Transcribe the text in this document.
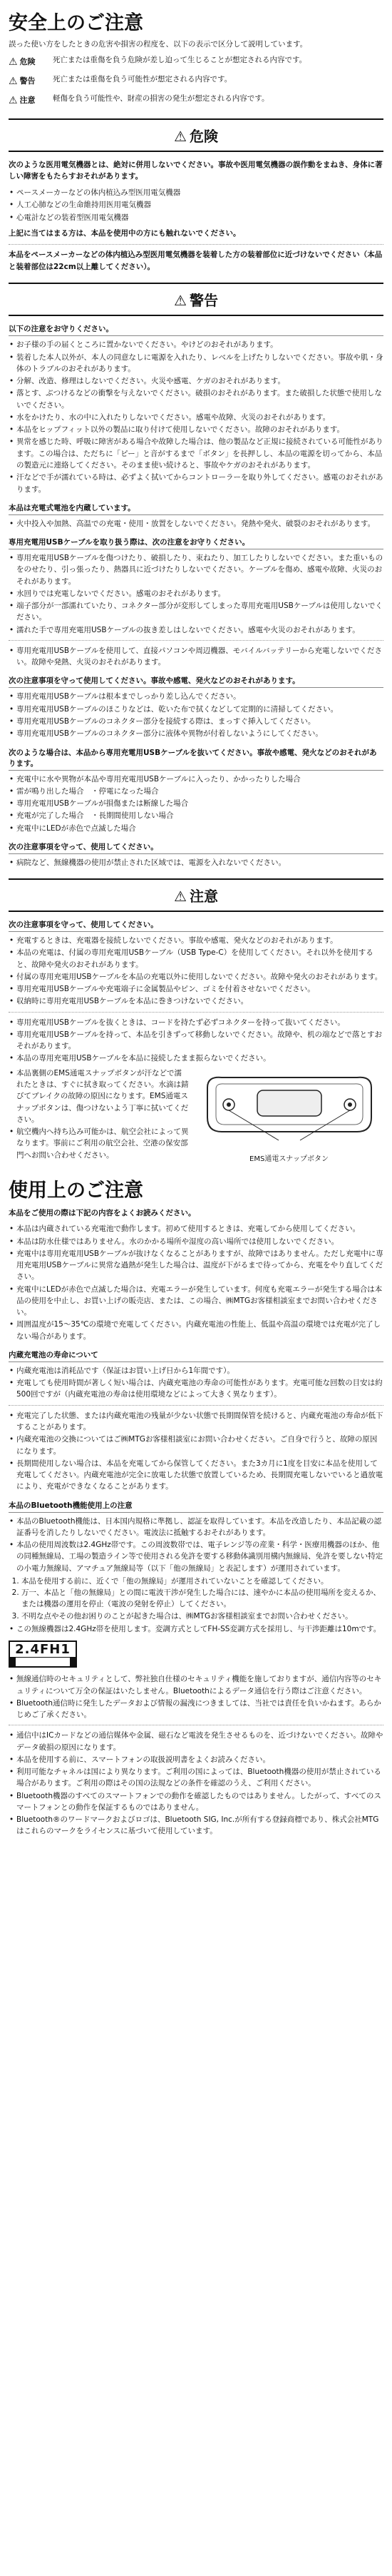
安全上のご注意

誤った使い方をしたときの危害や損害の程度を、以下の表示で区分して説明しています。

⚠ 危険 死亡または重傷を負う危険が差し迫って生じることが想定される内容です。
⚠ 警告 死亡または重傷を負う可能性が想定される内容です。
⚠ 注意 軽傷を負う可能性や、財産の損害の発生が想定される内容です。
⚠ 危険

次のような医用電気機器とは、絶対に併用しないでください。事故や医用電気機器の誤作動をまねき、身体に著しい障害をもたらすおそれがあります。

• ペースメーカーなどの体内植込み型医用電気機器
• 人工心肺などの生命維持用医用電気機器
• 心電計などの装着型医用電気機器

上記に当てはまる方は、本品を使用中の方にも触れないでください。

本品をペースメーカーなどの体内植込み型医用電気機器を装着した方の装着部位に近づけないでください（本品と装着部位は22cm以上離してください）。

⚠ 警告
以下の注意をお守りください。
• お子様の手の届くところに置かないでください。やけどのおそれがあります。
• 装着した本人以外が、本人の同意なしに電源を入れたり、レベルを上げたりしないでください。事故や肌・身体のトラブルのおそれがあります。
• 分解、改造、修理はしないでください。火災や感電、ケガのおそれがあります。
• 落とす、ぶつけるなどの衝撃を与えないでください。破損のおそれがあります。また破損した状態で使用しないでください。
• 水をかけたり、水の中に入れたりしないでください。感電や故障、火災のおそれがあります。
• 本品をヒップフィット以外の製品に取り付けて使用しないでください。故障のおそれがあります。
• 異常を感じた時、呼吸に障害がある場合や故障した場合は、他の製品など正規に接続されている可能性があります。この場合は、ただちに「ピー」と音がするまで「ボタン」を長押しし、本品の電源を切ってから、本品の製造元に連絡してください。そのまま使い続けると、事故やケガのおそれがあります。
• 汗などで手が濡れている時は、必ずよく拭いてからコントローラーを取り外してください。感電のおそれがあります。
本品は充電式電池を内蔵しています。
• 火中投入や加熱、高温での充電・使用・放置をしないでください。発熱や発火、破裂のおそれがあります。
専用充電用USBケーブルを取り扱う際は、次の注意をお守りください。
• 専用充電用USBケーブルを傷つけたり、破損したり、束ねたり、加工したりしないでください。また重いものをのせたり、引っ張ったり、熱器具に近づけたりしないでください。ケーブルを傷め、感電や故障、火災のおそれがあります。
• 水回りでは充電しないでください。感電のおそれがあります。
• 端子部分が一部濡れていたり、コネクター部分が変形してしまった専用充電用USBケーブルは使用しないでください。
• 濡れた手で専用充電用USBケーブルの抜き差しはしないでください。感電や火災のおそれがあります。
• 専用充電用USBケーブルを使用して、直接パソコンや周辺機器、モバイルバッテリーから充電しないでください。故障や発熱、火災のおそれがあります。
次の注意事項を守って使用してください。事故や感電、発火などのおそれがあります。
• 専用充電用USBケーブルは根本までしっかり差し込んでください。
• 専用充電用USBケーブルのほこりなどは、乾いた布で拭くなどして定期的に清掃してください。
• 専用充電用USBケーブルのコネクター部分を接続する際は、まっすぐ挿入してください。
• 専用充電用USBケーブルのコネクター部分に液体や異物が付着しないようにしてください。
次のような場合は、本品から専用充電用USBケーブルを抜いてください。事故や感電、発火などのおそれがあります。
• 充電中に水や異物が本品や専用充電用USBケーブルに入ったり、かかったりした場合
• 雷が鳴り出した場合　・停電になった場合
• 専用充電用USBケーブルが損傷または断線した場合
• 充電が完了した場合　・長期間使用しない場合
• 充電中にLEDが赤色で点滅した場合
次の注意事項を守って、使用してください。
• 病院など、無線機器の使用が禁止された区域では、電源を入れないでください。
⚠ 注意
次の注意事項を守って、使用してください。
• 充電するときは、充電器を接続しないでください。事故や感電、発火などのおそれがあります。
• 本品の充電は、付属の専用充電用USBケーブル（USB Type-C）を使用してください。それ以外を使用すると、故障や発火のおそれがあります。
• 付属の専用充電用USBケーブルを本品の充電以外に使用しないでください。故障や発火のおそれがあります。
• 専用充電用USBケーブルや充電端子に金属製品やピン、ゴミを付着させないでください。
• 収納時に専用充電用USBケーブルを本品に巻きつけないでください。
• 専用充電用USBケーブルを抜くときは、コードを持たず必ずコネクターを持って抜いてください。
• 専用充電用USBケーブルを持って、本品を引きずって移動しないでください。故障や、机の端などで落とすおそれがあります。
• 本品の専用充電用USBケーブルを本品に接続したまま振らないでください。
• 本品裏側のEMS通電スナップボタンが汗などで濡れたときは、すぐに拭き取ってください。水滴は錆びてブレイクの故障の原因になります。EMS通電スナップボタンは、傷つけないよう丁寧に拭いてください。
• 航空機内へ持ち込み可能かは、航空会社によって異なります。事前にご利用の航空会社、空港の保安部門へお問い合わせください。	EMS通電スナップボタン
使用上のご注意

本品をご使用の際は下記の内容をよくお読みください。

• 本品は内蔵されている充電池で動作します。初めて使用するときは、充電してから使用してください。
• 本品は防水仕様ではありません。水のかかる場所や湿度の高い場所では使用しないでください。
• 充電中は専用充電用USBケーブルが抜けなくなることがありますが、故障ではありません。ただし充電中に専用充電用USBケーブルに異常な過熱が発生した場合は、温度が下がるまで待ってから、充電をやり直してください。
• 充電中にLEDが赤色で点滅した場合は、充電エラーが発生しています。何度も充電エラーが発生する場合は本品の使用を中止し、お買い上げの販売店、または、この場合、㈱MTGお客様相談室までお問い合わせください。
• 周囲温度が15～35℃の環境で充電してください。内蔵充電池の性能上、低温や高温の環境では充電が完了しない場合があります。
内蔵充電池の寿命について
• 内蔵充電池は消耗品です（保証はお買い上げ日から1年間です）。
• 充電しても使用時間が著しく短い場合は、内蔵充電池の寿命の可能性があります。充電可能な回数の目安は約500回ですが（内蔵充電池の寿命は使用環境などによって大きく異なります）。
• 充電完了した状態、または内蔵充電池の残量が少ない状態で長期間保管を続けると、内蔵充電池の寿命が低下することがあります。
• 内蔵充電池の交換についてはご㈱MTGお客様相談室にお問い合わせください。ご自身で行うと、故障の原因になります。
• 長期間使用しない場合は、本品を充電してから保管してください。また3カ月に1度を目安に本品を使用して充電してください。内蔵充電池が完全に放電した状態で放置しているため、長期間充電しないでいると過放電により、充電ができなくなることがあります。
本品のBluetooth機能使用上の注意
• 本品のBluetooth機能は、日本国内規格に準拠し、認証を取得しています。本品を改造したり、本品記載の認証番号を消したりしないでください。電波法に抵触するおそれがあります。
• 本品の使用周波数は2.4GHz帯です。この周波数帯では、電子レンジ等の産業・科学・医療用機器のほか、他の同種無線局、工場の製造ライン等で使用される免許を要する移動体識別用構内無線局、免許を要しない特定の小電力無線局、アマチュア無線局等（以下「他の無線局」と表記します）が運用されています。
1. 本品を使用する前に、近くで「他の無線局」が運用されていないことを確認してください。
2. 万一、本品と「他の無線局」との間に電波干渉が発生した場合には、速やかに本品の使用場所を変えるか、または機器の運用を停止（電波の発射を停止）してください。
3. 不明な点やその他お困りのことが起きた場合は、㈱MTGお客様相談室までお問い合わせください。
• この無線機器は2.4GHz帯を使用します。変調方式としてFH-SS変調方式を採用し、与干渉距離は10mです。
2.4FH1
• 無線通信時のセキュリティとして、弊社独自仕様のセキュリティ機能を施しておりますが、通信内容等のセキュリティについて万全の保証はいたしません。Bluetoothによるデータ通信を行う際はご注意ください。
• Bluetooth通信時に発生したデータおよび情報の漏洩につきましては、当社では責任を負いかねます。あらかじめご了承ください。
• 通信中はICカードなどの通信媒体や金属、磁石など電波を発生させるものを、近づけないでください。故障や データ破損の原因になります。
• 本品を使用する前に、スマートフォンの取扱説明書をよくお読みください。
• 利用可能なチャネルは国により異なります。ご利用の国によっては、Bluetooth機器の使用が禁止されている場合があります。ご利用の際はその国の法規などの条件を確認のうえ、ご利用ください。
• Bluetooth機器のすべてのスマートフォンでの動作を確認したものではありません。したがって、すべてのスマートフォンとの動作を保証するものではありません。
• Bluetooth®のワードマークおよびロゴは、Bluetooth SIG, Inc.が所有する登録商標であり、株式会社MTGはこれらのマークをライセンスに基づいて使用しています。
